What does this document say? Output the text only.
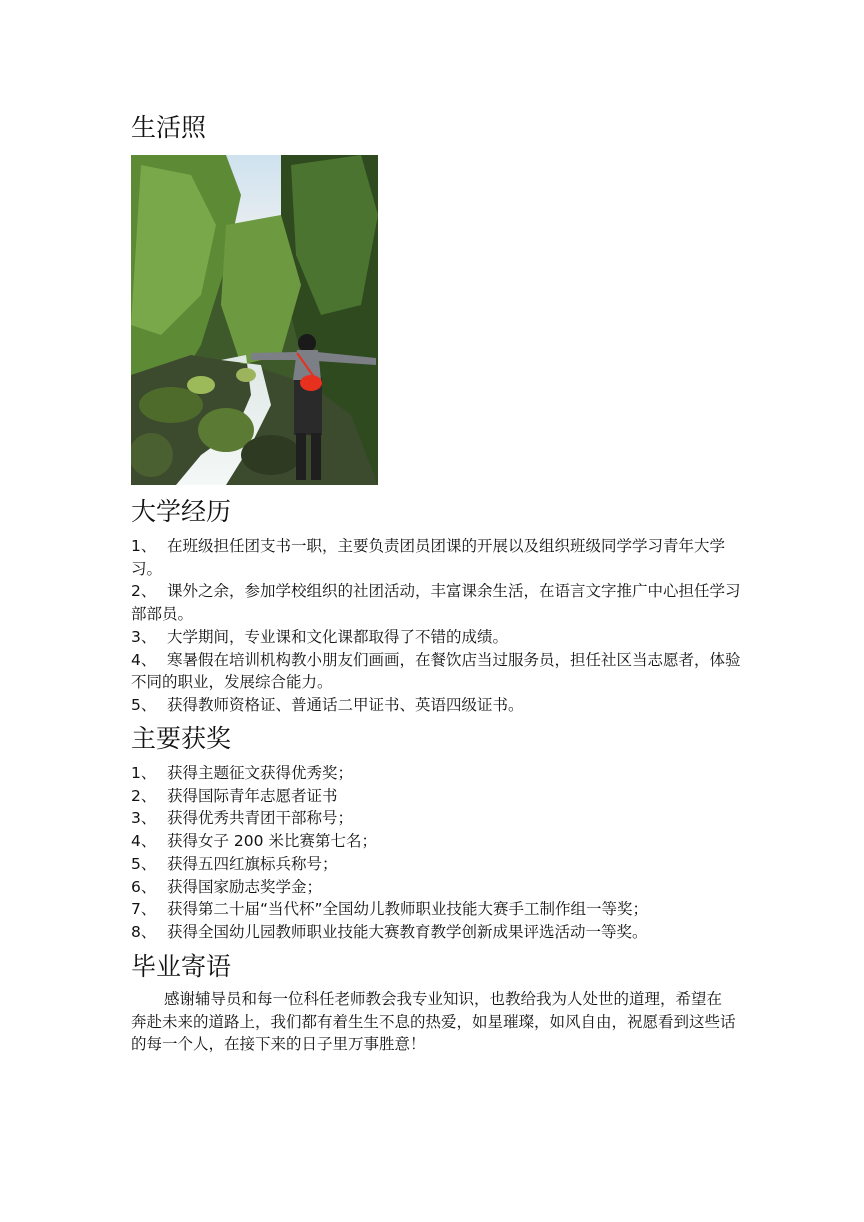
生活照
大学经历
1、 在班级担任团支书一职，主要负责团员团课的开展以及组织班级同学学习青年大学习。
2、 课外之余，参加学校组织的社团活动，丰富课余生活，在语言文字推广中心担任学习部部员。
3、 大学期间，专业课和文化课都取得了不错的成绩。
4、 寒暑假在培训机构教小朋友们画画，在餐饮店当过服务员，担任社区当志愿者，体验不同的职业，发展综合能力。
5、 获得教师资格证、普通话二甲证书、英语四级证书。
主要获奖
1、 获得主题征文获得优秀奖；
2、 获得国际青年志愿者证书
3、 获得优秀共青团干部称号；
4、 获得女子 200 米比赛第七名；
5、 获得五四红旗标兵称号；
6、 获得国家励志奖学金；
7、 获得第二十届“当代杯”全国幼儿教师职业技能大赛手工制作组一等奖；
8、 获得全国幼儿园教师职业技能大赛教育教学创新成果评选活动一等奖。
毕业寄语

感谢辅导员和每一位科任老师教会我专业知识，也教给我为人处世的道理，希望在奔赴未来的道路上，我们都有着生生不息的热爱，如星璀璨，如风自由，祝愿看到这些话的每一个人，在接下来的日子里万事胜意！
